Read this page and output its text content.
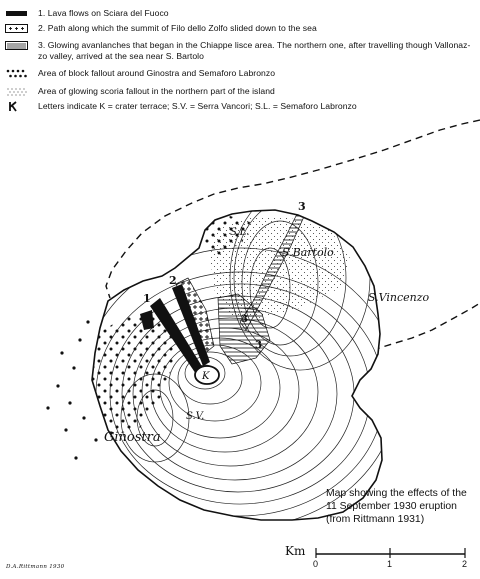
1. Lava flows on Sciara del Fuoco
2. Path along which the summit of Filo dello Zolfo slided down to the sea
3. Glowing avanlanches that began in the Chiappe lisce area. The northern one, after travelling though Vallonaz-zo valley, arrived at the sea near S. Bartolo
Area of block fallout around Ginostra and Semaforo Labronzo
Area of glowing scoria fallout in the northern part of the island
Letters indicate K = crater terrace; S.V. = Serra Vancori; S.L. = Semaforo Labronzo
1
2
3
3
3
S.L.
S.Bartolo
S.Vincenzo
K
S.V.
Ginostra
Map showing the effects of the 11 September 1930 eruption (from Rittmann 1931)
Km
0	1	2
D.A.Rittmann 1930
